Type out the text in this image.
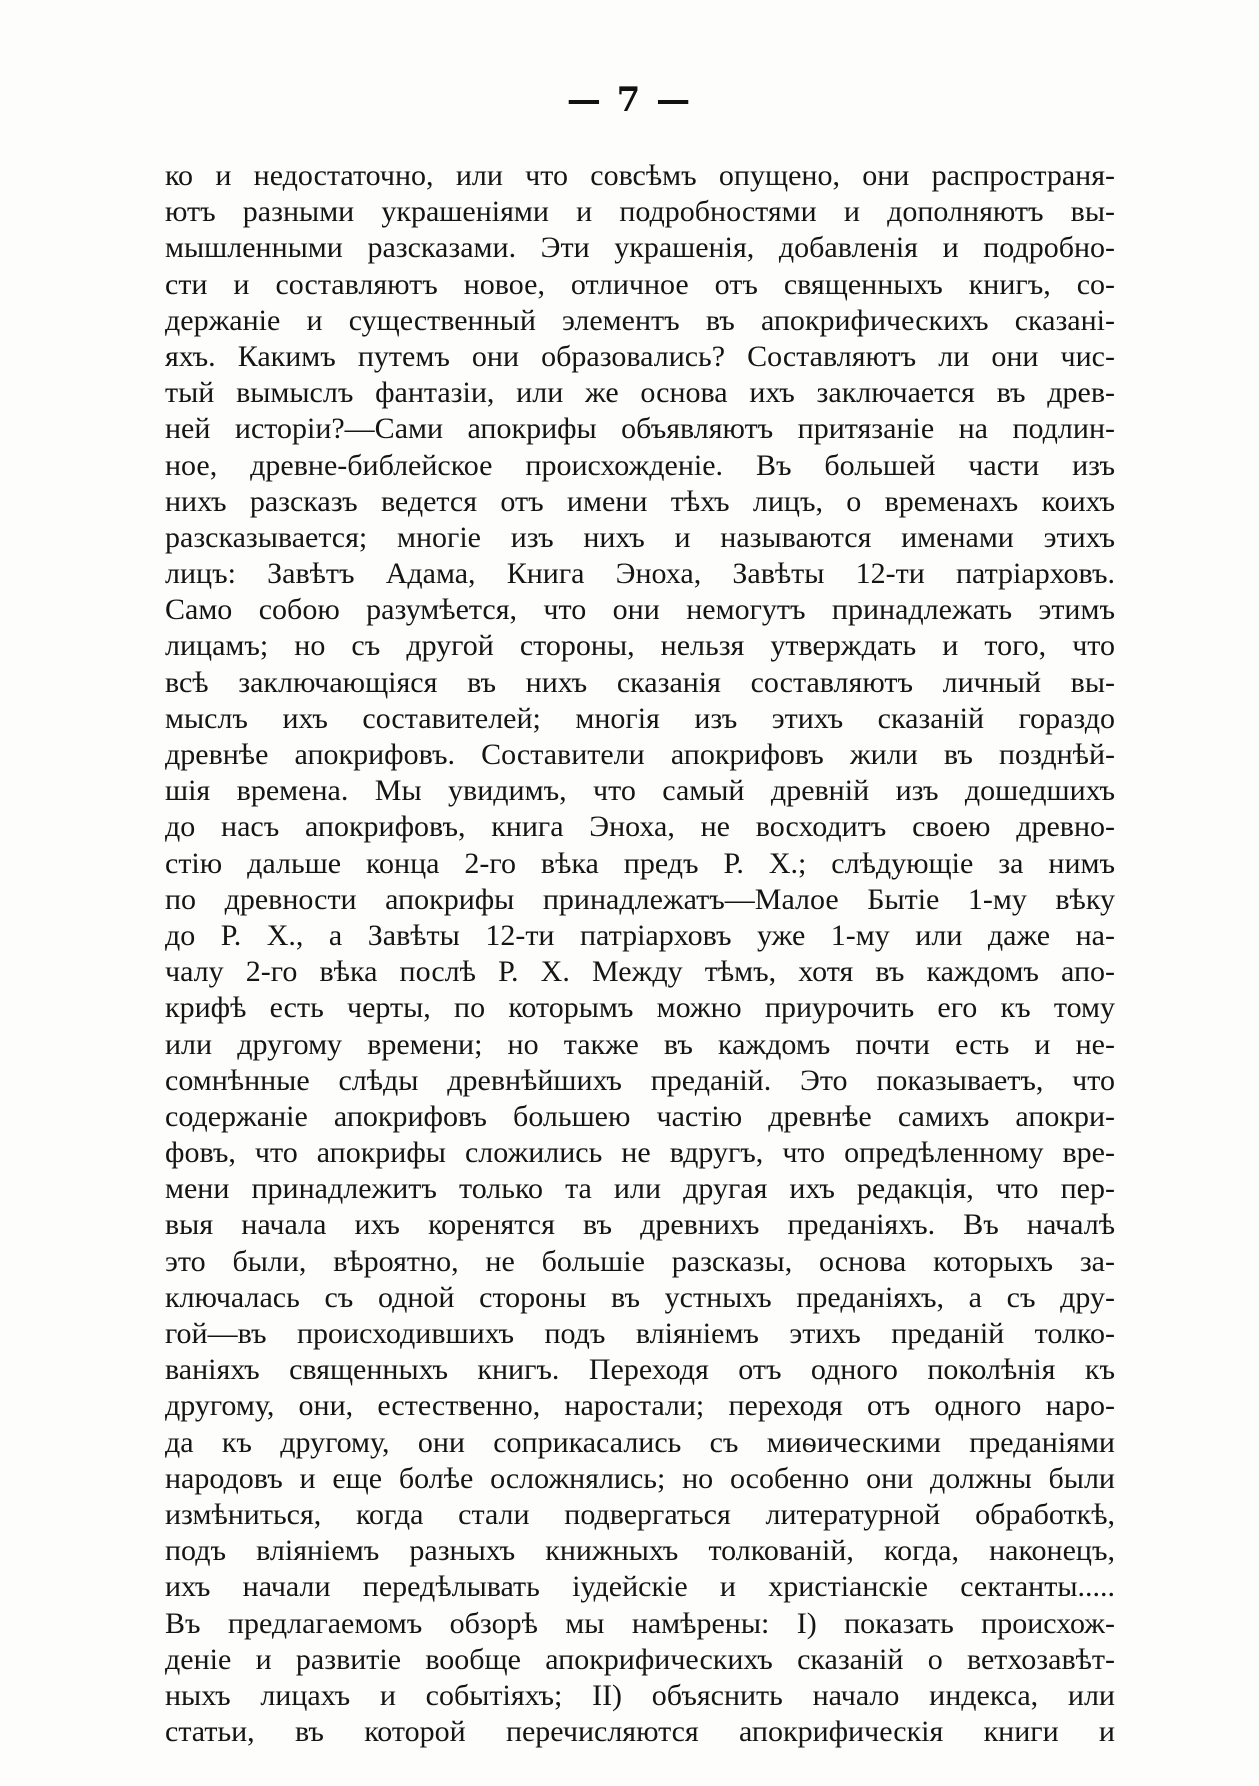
— 7 —
ко и недостаточно, или что совсѣмъ опущено, они распространя-
ютъ разными украшеніями и подробностями и дополняютъ вы-
мышленными разсказами. Эти украшенія, добавленія и подробно-
сти и составляютъ новое, отличное отъ священныхъ книгъ, со-
держаніе и существенный элементъ въ апокрифическихъ сказані-
яхъ. Какимъ путемъ они образовались? Составляютъ ли они чис-
тый вымыслъ фантазіи, или же основа ихъ заключается въ древ-
ней исторіи?—Сами апокрифы объявляютъ притязаніе на подлин-
ное, древне-библейское происхожденіе. Въ большей части изъ
нихъ разсказъ ведется отъ имени тѣхъ лицъ, о временахъ коихъ
разсказывается; многіе изъ нихъ и называются именами этихъ
лицъ: Завѣтъ Адама, Книга Эноха, Завѣты 12-ти патріарховъ.
Само собою разумѣется, что они немогутъ принадлежать этимъ
лицамъ; но съ другой стороны, нельзя утверждать и того, что
всѣ заключающіяся въ нихъ сказанія составляютъ личный вы-
мыслъ ихъ составителей; многія изъ этихъ сказаній гораздо
древнѣе апокрифовъ. Составители апокрифовъ жили въ позднѣй-
шія времена. Мы увидимъ, что самый древній изъ дошедшихъ
до насъ апокрифовъ, книга Эноха, не восходитъ своею древно-
стію дальше конца 2-го вѣка предъ Р. Х.; слѣдующіе за нимъ
по древности апокрифы принадлежатъ—Малое Бытіе 1-му вѣку
до Р. Х., а Завѣты 12-ти патріарховъ уже 1-му или даже на-
чалу 2-го вѣка послѣ Р. Х. Между тѣмъ, хотя въ каждомъ апо-
крифѣ есть черты, по которымъ можно приурочить его къ тому
или другому времени; но также въ каждомъ почти есть и не-
сомнѣнные слѣды древнѣйшихъ преданій. Это показываетъ, что
содержаніе апокрифовъ большею частію древнѣе самихъ апокри-
фовъ, что апокрифы сложились не вдругъ, что опредѣленному вре-
мени принадлежитъ только та или другая ихъ редакція, что пер-
выя начала ихъ коренятся въ древнихъ преданіяхъ. Въ началѣ
это были, вѣроятно, не большіе разсказы, основа которыхъ за-
ключалась съ одной стороны въ устныхъ преданіяхъ, а съ дру-
гой—въ происходившихъ подъ вліяніемъ этихъ преданій толко-
ваніяхъ священныхъ книгъ. Переходя отъ одного поколѣнія къ
другому, они, естественно, наростали; переходя отъ одного наро-
да къ другому, они соприкасались съ миѳическими преданіями
народовъ и еще болѣе осложнялись; но особенно они должны были
измѣниться, когда стали подвергаться литературной обработкѣ,
подъ вліяніемъ разныхъ книжныхъ толкованій, когда, наконецъ,
ихъ начали передѣлывать іудейскіе и христіанскіе сектанты.....
Въ предлагаемомъ обзорѣ мы намѣрены: I) показать происхож-
деніе и развитіе вообще апокрифическихъ сказаній о ветхозавѣт-
ныхъ лицахъ и событіяхъ; II) объяснить начало индекса, или
статьи, въ которой перечисляются апокрифическія книги и
